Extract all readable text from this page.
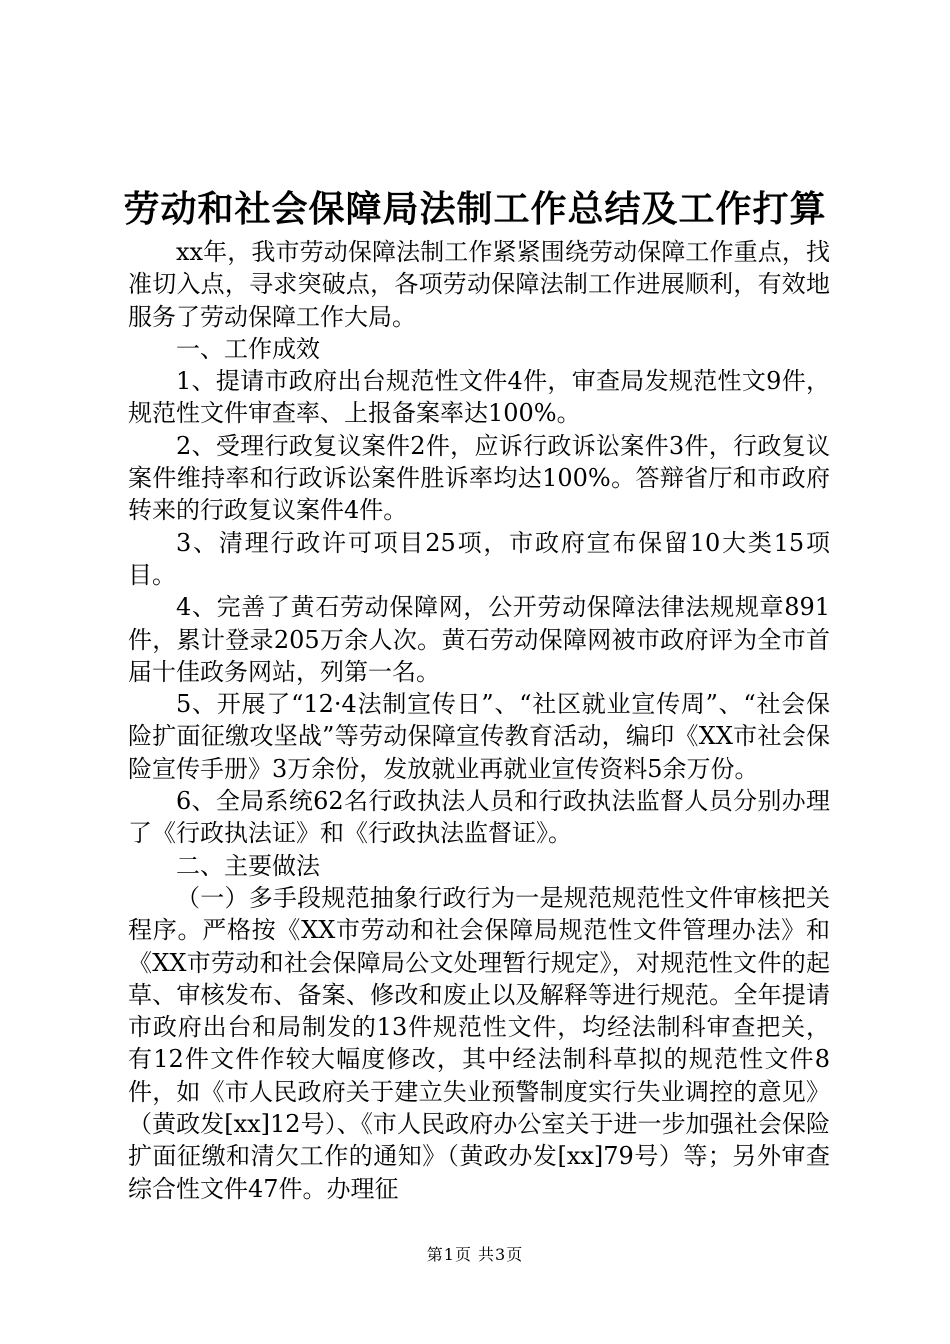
劳动和社会保障局法制工作总结及工作打算

xx年，我市劳动保障法制工作紧紧围绕劳动保障工作重点，找准切入点，寻求突破点，各项劳动保障法制工作进展顺利，有效地服务了劳动保障工作大局。

一、工作成效

1、提请市政府出台规范性文件4件，审查局发规范性文9件，规范性文件审查率、上报备案率达100%。

2、受理行政复议案件2件，应诉行政诉讼案件3件，行政复议案件维持率和行政诉讼案件胜诉率均达100%。答辩省厅和市政府转来的行政复议案件4件。

3、清理行政许可项目25项，市政府宣布保留10大类15项目。

4、完善了黄石劳动保障网，公开劳动保障法律法规规章891件，累计登录205万余人次。黄石劳动保障网被市政府评为全市首届十佳政务网站，列第一名。

5、开展了“12·4法制宣传日”、“社区就业宣传周”、“社会保险扩面征缴攻坚战”等劳动保障宣传教育活动，编印《XX市社会保险宣传手册》3万余份，发放就业再就业宣传资料5余万份。

6、全局系统62名行政执法人员和行政执法监督人员分别办理了《行政执法证》和《行政执法监督证》。

二、主要做法

（一）多手段规范抽象行政行为一是规范规范性文件审核把关程序。严格按《XX市劳动和社会保障局规范性文件管理办法》和《XX市劳动和社会保障局公文处理暂行规定》，对规范性文件的起草、审核发布、备案、修改和废止以及解释等进行规范。全年提请市政府出台和局制发的13件规范性文件，均经法制科审查把关，有12件文件作较大幅度修改，其中经法制科草拟的规范性文件8件，如《市人民政府关于建立失业预警制度实行失业调控的意见》（黄政发[xx]12号）、《市人民政府办公室关于进一步加强社会保险扩面征缴和清欠工作的通知》（黄政办发[xx]79号）等；另外审查综合性文件47件。办理征

第1页 共3页
